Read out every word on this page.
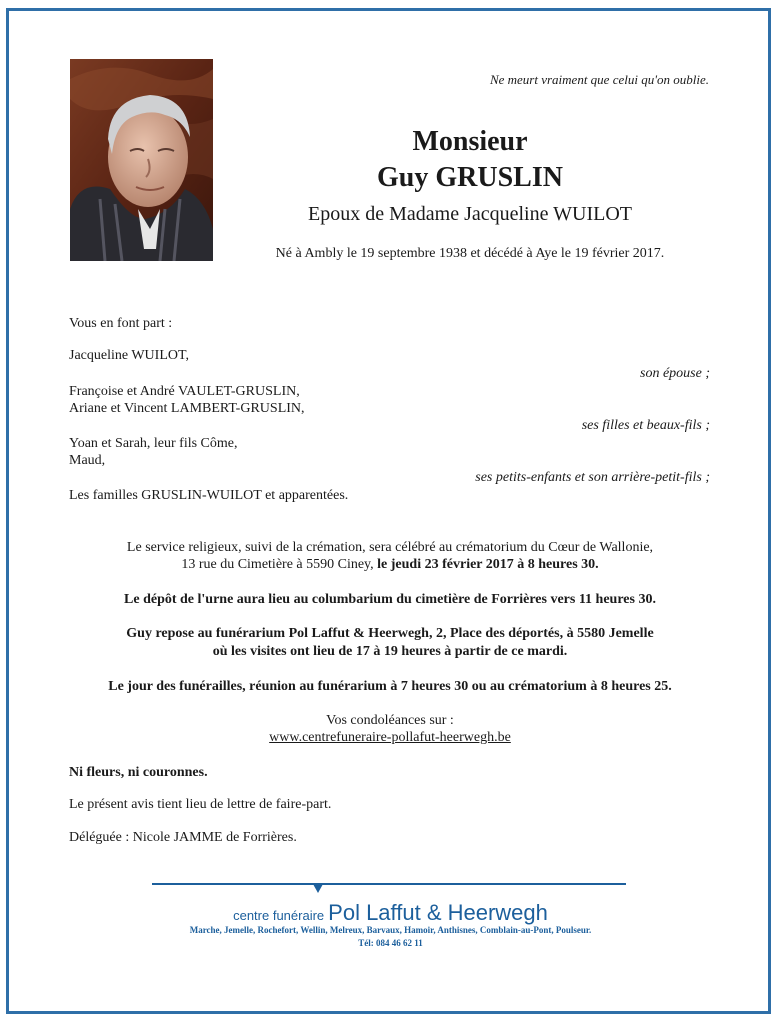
Ne meurt vraiment que celui qu'on oublie.
Monsieur
Guy GRUSLIN
Epoux de Madame Jacqueline WUILOT
Né à Ambly le 19 septembre 1938 et décédé à Aye le 19 février 2017.
Vous en font part :
Jacqueline WUILOT,
son épouse ;
Françoise et André VAULET-GRUSLIN,
Ariane et Vincent LAMBERT-GRUSLIN,
ses filles et beaux-fils ;
Yoan et Sarah, leur fils Côme,
Maud,
ses petits-enfants et son arrière-petit-fils ;
Les familles GRUSLIN-WUILOT et apparentées.
Le service religieux, suivi de la crémation, sera célébré au crématorium du Cœur de Wallonie,
13 rue du Cimetière à 5590 Ciney, le jeudi 23 février 2017 à 8 heures 30.
Le dépôt de l'urne aura lieu au columbarium du cimetière de Forrières vers 11 heures 30.
Guy repose au funérarium Pol Laffut & Heerwegh, 2, Place des déportés, à 5580 Jemelle
où les visites ont lieu de 17 à 19 heures à partir de ce mardi.
Le jour des funérailles, réunion au funérarium à 7 heures 30 ou au crématorium à 8 heures 25.
Vos condoléances sur :
www.centrefuneraire-pollafut-heerwegh.be
Ni fleurs, ni couronnes.
Le présent avis tient lieu de lettre de faire-part.
Déléguée : Nicole JAMME de Forrières.
centre funéraire Pol Laffut & Heerwegh
Marche, Jemelle, Rochefort, Wellin, Melreux, Barvaux, Hamoir, Anthisnes, Comblain-au-Pont, Poulseur.
Tél: 084 46 62 11
